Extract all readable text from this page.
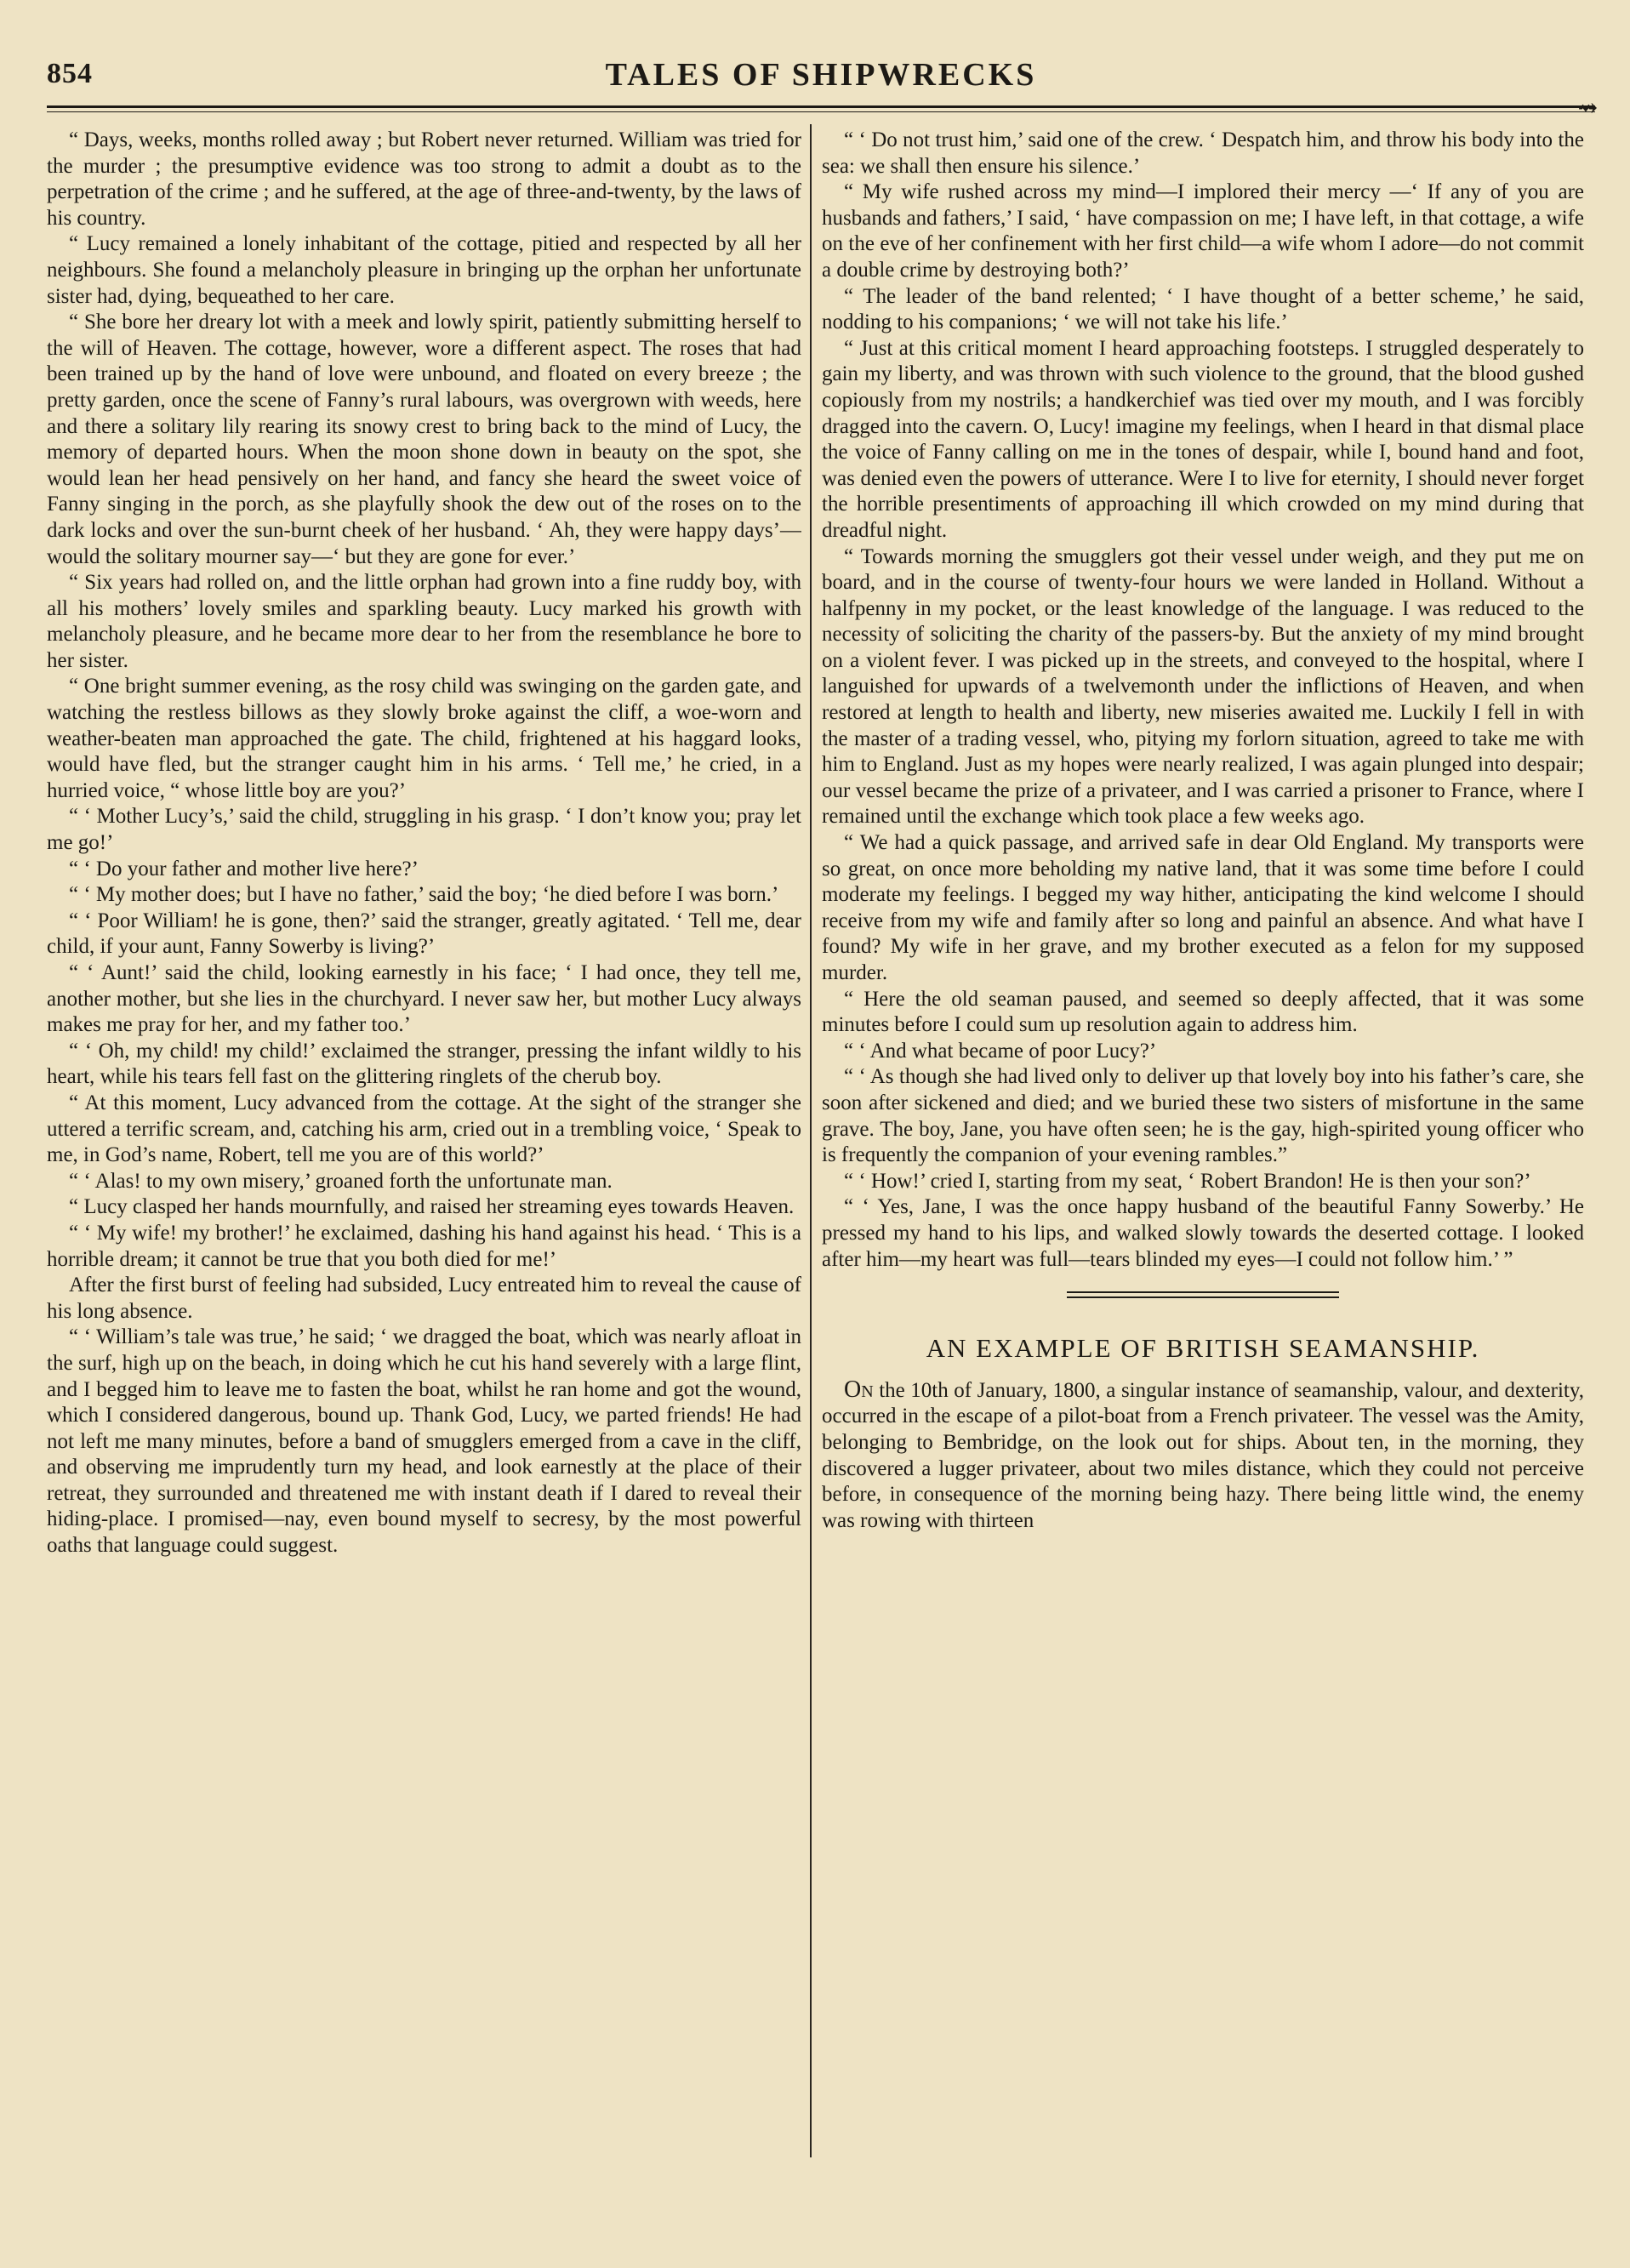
854	TALES OF SHIPWRECKS
⇝

“ Days, weeks, months rolled away ; but Robert never returned. William was tried for the murder ; the presumptive evidence was too strong to admit a doubt as to the perpetration of the crime ; and he suffered, at the age of three-and-twenty, by the laws of his country.

“ Lucy remained a lonely inhabitant of the cottage, pitied and respected by all her neighbours. She found a melancholy pleasure in bringing up the orphan her unfortunate sister had, dying, bequeathed to her care.

“ She bore her dreary lot with a meek and lowly spirit, patiently submitting herself to the will of Heaven. The cottage, however, wore a different aspect. The roses that had been trained up by the hand of love were unbound, and floated on every breeze ; the pretty garden, once the scene of Fanny’s rural labours, was overgrown with weeds, here and there a solitary lily rearing its snowy crest to bring back to the mind of Lucy, the memory of departed hours. When the moon shone down in beauty on the spot, she would lean her head pensively on her hand, and fancy she heard the sweet voice of Fanny singing in the porch, as she playfully shook the dew out of the roses on to the dark locks and over the sun-burnt cheek of her husband. ‘ Ah, they were happy days’—would the solitary mourner say—‘ but they are gone for ever.’

“ Six years had rolled on, and the little orphan had grown into a fine ruddy boy, with all his mothers’ lovely smiles and sparkling beauty. Lucy marked his growth with melancholy pleasure, and he became more dear to her from the resemblance he bore to her sister.

“ One bright summer evening, as the rosy child was swinging on the garden gate, and watching the restless billows as they slowly broke against the cliff, a woe-worn and weather-beaten man approached the gate. The child, frightened at his haggard looks, would have fled, but the stranger caught him in his arms. ‘ Tell me,’ he cried, in a hurried voice, “ whose little boy are you?’

“ ‘ Mother Lucy’s,’ said the child, struggling in his grasp. ‘ I don’t know you; pray let me go!’

“ ‘ Do your father and mother live here?’

“ ‘ My mother does; but I have no father,’ said the boy; ‘he died before I was born.’

“ ‘ Poor William! he is gone, then?’ said the stranger, greatly agitated. ‘ Tell me, dear child, if your aunt, Fanny Sowerby is living?’

“ ‘ Aunt!’ said the child, looking earnestly in his face; ‘ I had once, they tell me, another mother, but she lies in the churchyard. I never saw her, but mother Lucy always makes me pray for her, and my father too.’

“ ‘ Oh, my child! my child!’ exclaimed the stranger, pressing the infant wildly to his heart, while his tears fell fast on the glittering ringlets of the cherub boy.

“ At this moment, Lucy advanced from the cottage. At the sight of the stranger she uttered a terrific scream, and, catching his arm, cried out in a trembling voice, ‘ Speak to me, in God’s name, Robert, tell me you are of this world?’

“ ‘ Alas! to my own misery,’ groaned forth the unfortunate man.

“ Lucy clasped her hands mournfully, and raised her streaming eyes towards Heaven.

“ ‘ My wife! my brother!’ he exclaimed, dashing his hand against his head. ‘ This is a horrible dream; it cannot be true that you both died for me!’

After the first burst of feeling had subsided, Lucy entreated him to reveal the cause of his long absence.

“ ‘ William’s tale was true,’ he said; ‘ we dragged the boat, which was nearly afloat in the surf, high up on the beach, in doing which he cut his hand severely with a large flint, and I begged him to leave me to fasten the boat, whilst he ran home and got the wound, which I considered dangerous, bound up. Thank God, Lucy, we parted friends! He had not left me many minutes, before a band of smugglers emerged from a cave in the cliff, and observing me imprudently turn my head, and look earnestly at the place of their retreat, they surrounded and threatened me with instant death if I dared to reveal their hiding-place. I promised—nay, even bound myself to secresy, by the most powerful oaths that language could suggest.

“ ‘ Do not trust him,’ said one of the crew. ‘ Despatch him, and throw his body into the sea: we shall then ensure his silence.’

“ My wife rushed across my mind—I implored their mercy —‘ If any of you are husbands and fathers,’ I said, ‘ have compassion on me; I have left, in that cottage, a wife on the eve of her confinement with her first child—a wife whom I adore—do not commit a double crime by destroying both?’

“ The leader of the band relented; ‘ I have thought of a better scheme,’ he said, nodding to his companions; ‘ we will not take his life.’

“ Just at this critical moment I heard approaching footsteps. I struggled desperately to gain my liberty, and was thrown with such violence to the ground, that the blood gushed copiously from my nostrils; a handkerchief was tied over my mouth, and I was forcibly dragged into the cavern. O, Lucy! imagine my feelings, when I heard in that dismal place the voice of Fanny calling on me in the tones of despair, while I, bound hand and foot, was denied even the powers of utterance. Were I to live for eternity, I should never forget the horrible presentiments of approaching ill which crowded on my mind during that dreadful night.

“ Towards morning the smugglers got their vessel under weigh, and they put me on board, and in the course of twenty-four hours we were landed in Holland. Without a halfpenny in my pocket, or the least knowledge of the language. I was reduced to the necessity of soliciting the charity of the passers-by. But the anxiety of my mind brought on a violent fever. I was picked up in the streets, and conveyed to the hospital, where I languished for upwards of a twelvemonth under the inflictions of Heaven, and when restored at length to health and liberty, new miseries awaited me. Luckily I fell in with the master of a trading vessel, who, pitying my forlorn situation, agreed to take me with him to England. Just as my hopes were nearly realized, I was again plunged into despair; our vessel became the prize of a privateer, and I was carried a prisoner to France, where I remained until the exchange which took place a few weeks ago.

“ We had a quick passage, and arrived safe in dear Old England. My transports were so great, on once more beholding my native land, that it was some time before I could moderate my feelings. I begged my way hither, anticipating the kind welcome I should receive from my wife and family after so long and painful an absence. And what have I found? My wife in her grave, and my brother executed as a felon for my supposed murder.

“ Here the old seaman paused, and seemed so deeply affected, that it was some minutes before I could sum up resolution again to address him.

“ ‘ And what became of poor Lucy?’

“ ‘ As though she had lived only to deliver up that lovely boy into his father’s care, she soon after sickened and died; and we buried these two sisters of misfortune in the same grave. The boy, Jane, you have often seen; he is the gay, high-spirited young officer who is frequently the companion of your evening rambles.”

“ ‘ How!’ cried I, starting from my seat, ‘ Robert Brandon! He is then your son?’

“ ‘ Yes, Jane, I was the once happy husband of the beautiful Fanny Sowerby.’ He pressed my hand to his lips, and walked slowly towards the deserted cottage. I looked after him—my heart was full—tears blinded my eyes—I could not follow him.’ ”

AN EXAMPLE OF BRITISH SEAMANSHIP.

On the 10th of January, 1800, a singular instance of seamanship, valour, and dexterity, occurred in the escape of a pilot-boat from a French privateer. The vessel was the Amity, belonging to Bembridge, on the look out for ships. About ten, in the morning, they discovered a lugger privateer, about two miles distance, which they could not perceive before, in consequence of the morning being hazy. There being little wind, the enemy was rowing with thirteen
